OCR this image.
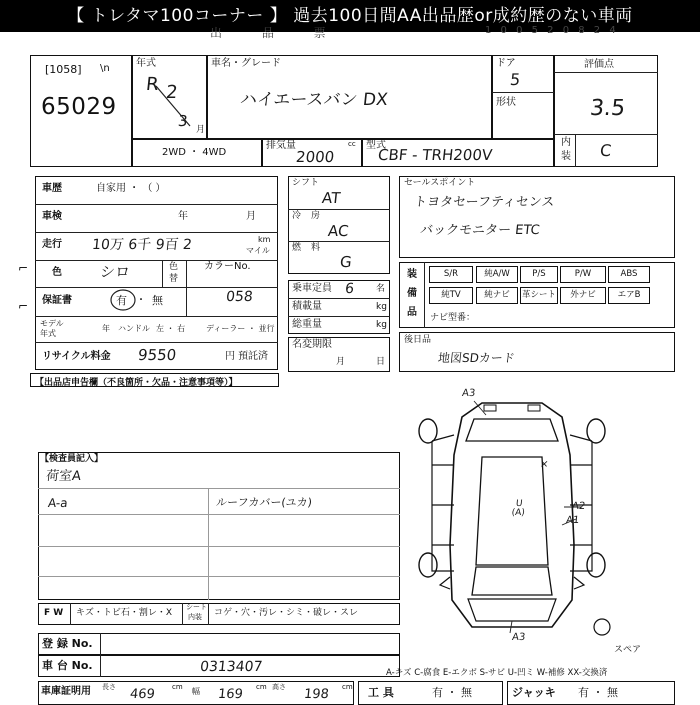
【 トレタマ100コーナー 】 過去100日間AA出品歴or成約歴のない車両
出 品 票	1 0 0 5 2 0 8 2 4
[1058] \n
65029
年式
R 2
3 月
車名・グレード
ハイエースバン DX
ドア
5
形状
評価点
3.5
内
装 C
2WD ・ 4WD
排気量	cc
2000
型式
CBF - TRH200V
車歴	自家用 ・ （ ）
車検	年	月
走行 10万 6千 9百 2	km
マイル
色 シロ	色
替
カラーNo.
058
保証書	有 ・ 無
モデル
年式
年 ハンドル 左 ・ 右	ディーラー ・ 並行
リサイクル料金 9550	円 預託済
⌐
⌐
シフト
AT
冷房
AC
燃料
G
乗車定員 6 名
積載量	kg
総重量	kg
名変期限
月	日
セールスポイント
トヨタセーフティセンス
バックモニター ETC
装
備
品
S/R	純A/W	P/S	P/W	ABS
純TV	純ナビ	革シート	外ナビ	エアB
ナビ型番：
後日品
地図SDカード
【出品店申告欄（不良箇所・欠品・注意事項等）】
【検査員記入】
荷室A
A-a	ルーフカバー(ユカ)
F W キズ・トビ石・割レ・X
シート
内装 コゲ・穴・汚レ・シミ・破レ・スレ
登 録 No.
車 台 No.	0313407
車庫証明用 長さ 469 cm 幅 169 cm 高さ 198 cm 工 具	有 ・ 無	ジャッキ 有 ・ 無
A-キズ C-腐食 E-エクボ S-サビ U-凹ミ W-補修 XX-交換済
A3
A2
A1
U
(A)
×
A3
スペア
